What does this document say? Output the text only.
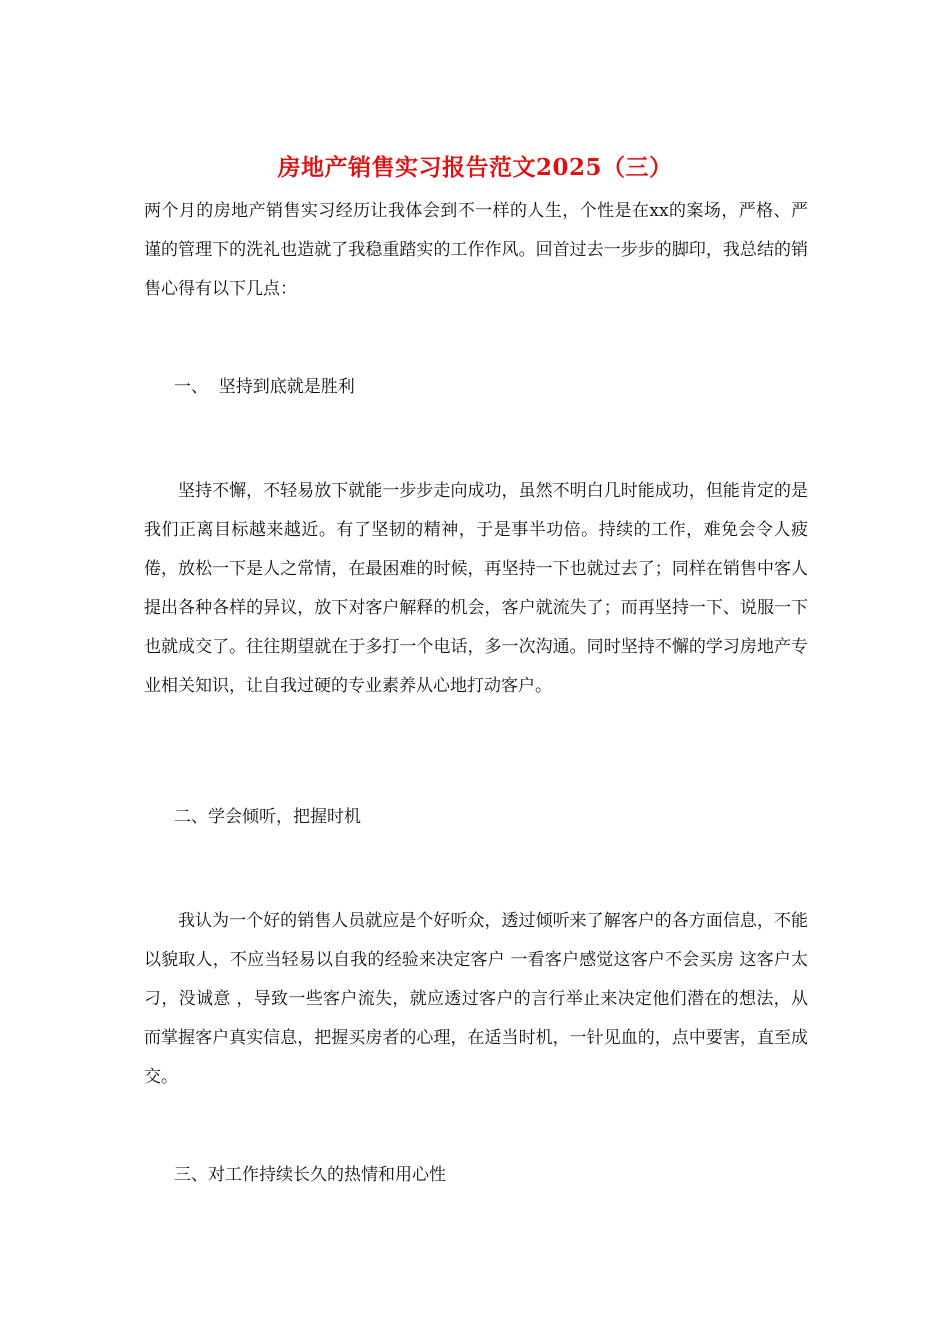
房地产销售实习报告范文2025（三）

两个月的房地产销售实习经历让我体会到不一样的人生，个性是在xx的案场，严格、严谨的管理下的洗礼也造就了我稳重踏实的工作作风。回首过去一步步的脚印，我总结的销售心得有以下几点：

一、  坚持到底就是胜利

坚持不懈，不轻易放下就能一步步走向成功，虽然不明白几时能成功，但能肯定的是我们正离目标越来越近。有了坚韧的精神，于是事半功倍。持续的工作，难免会令人疲倦，放松一下是人之常情，在最困难的时候，再坚持一下也就过去了；同样在销售中客人提出各种各样的异议，放下对客户解释的机会，客户就流失了；而再坚持一下、说服一下也就成交了。往往期望就在于多打一个电话，多一次沟通。同时坚持不懈的学习房地产专业相关知识，让自我过硬的专业素养从心地打动客户。

二、学会倾听，把握时机

我认为一个好的销售人员就应是个好听众，透过倾听来了解客户的各方面信息，不能以貌取人，不应当轻易以自我的经验来决定客户 一看客户感觉这客户不会买房 这客户太刁，没诚意 ，导致一些客户流失，就应透过客户的言行举止来决定他们潜在的想法，从而掌握客户真实信息，把握买房者的心理，在适当时机，一针见血的，点中要害，直至成交。

三、对工作持续长久的热情和用心性
